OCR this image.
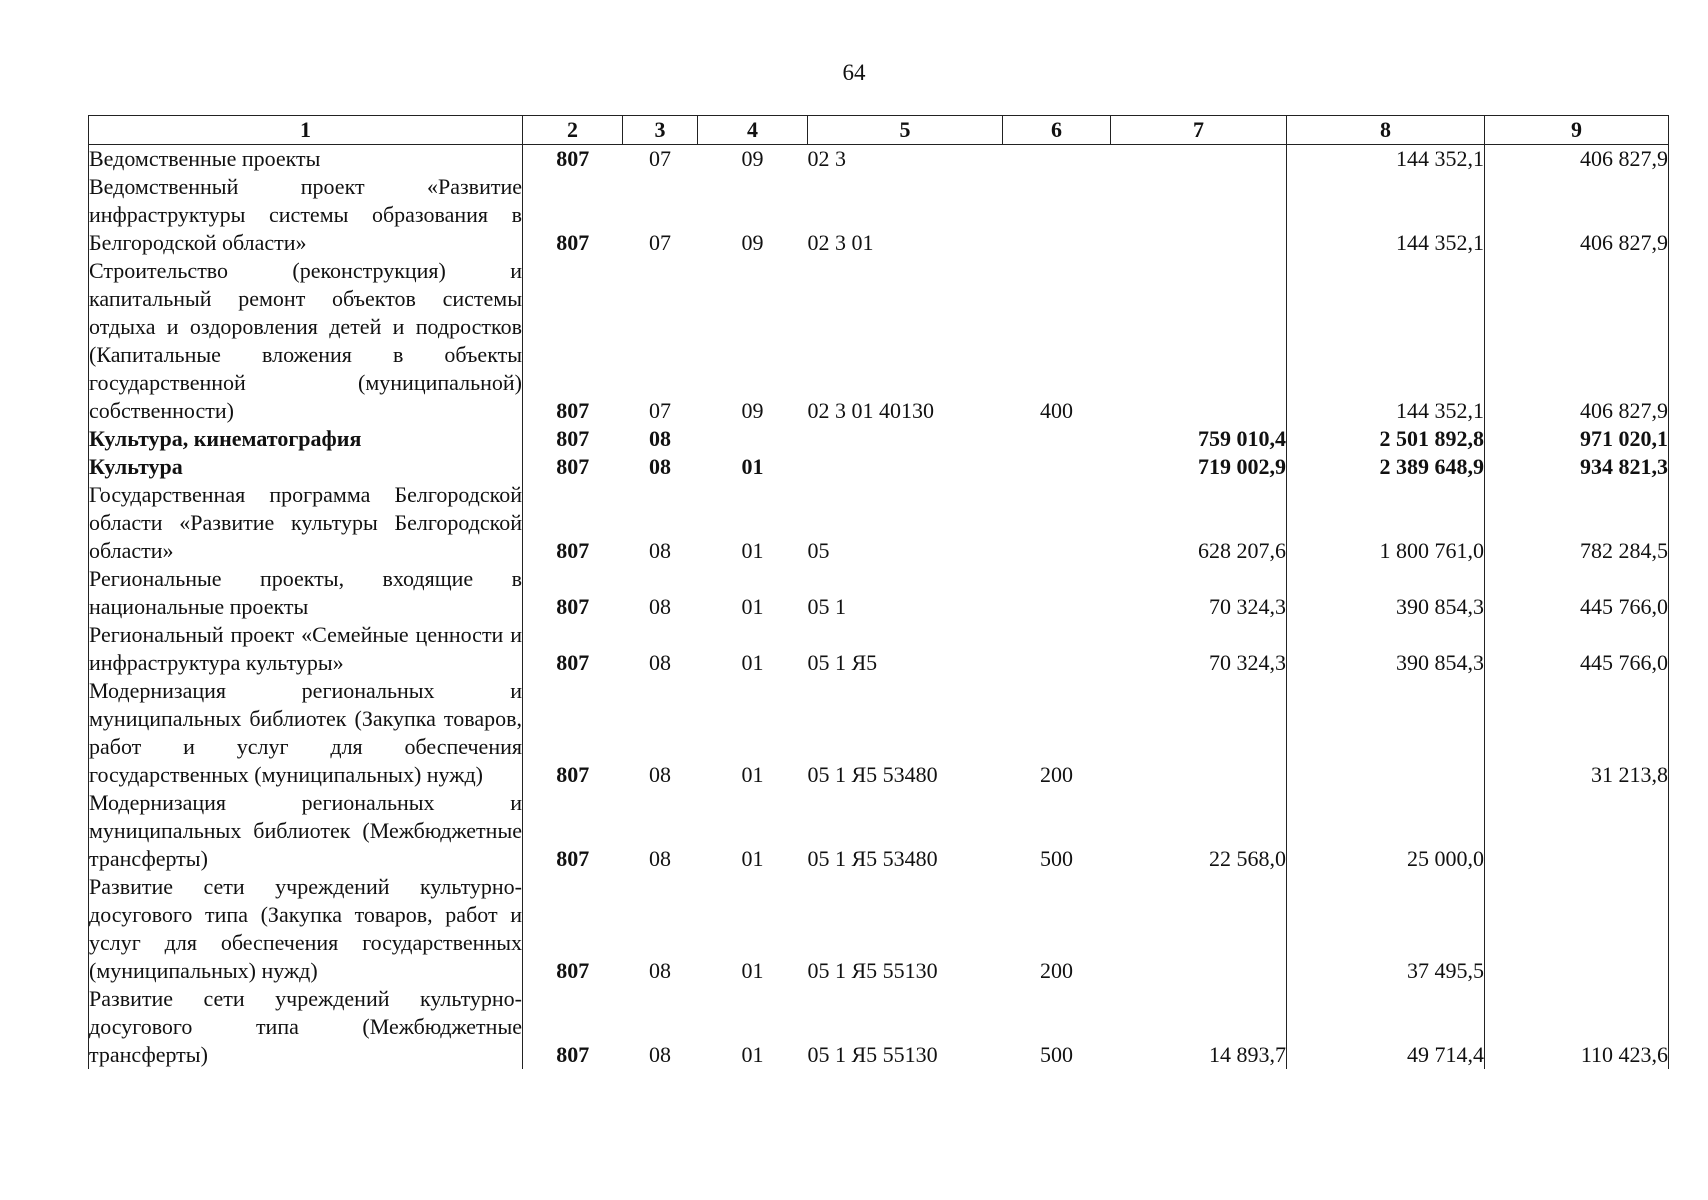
64
1	2	3	4	5	6	7	8	9
Ведомственные проекты	807	07	09	02 3			144 352,1	406 827,9
Ведомственный проект «Развитие инфраструктуры системы образования в Белгородской области»	807	07	09	02 3 01			144 352,1	406 827,9
Строительство (реконструкция) и капитальный ремонт объектов системы отдыха и оздоровления детей и подростков (Капитальные вложения в объекты государственной (муниципальной) собственности)	807	07	09	02 3 01 40130	400		144 352,1	406 827,9
Культура, кинематография	807	08				759 010,4	2 501 892,8	971 020,1
Культура	807	08	01			719 002,9	2 389 648,9	934 821,3
Государственная программа Белгородской области «Развитие культуры Белгородской области»	807	08	01	05		628 207,6	1 800 761,0	782 284,5
Региональные проекты, входящие в национальные проекты	807	08	01	05 1		70 324,3	390 854,3	445 766,0
Региональный проект «Семейные ценности и инфраструктура культуры»	807	08	01	05 1 Я5		70 324,3	390 854,3	445 766,0
Модернизация региональных и муниципальных библиотек (Закупка товаров, работ и услуг для обеспечения государственных (муниципальных) нужд)	807	08	01	05 1 Я5 53480	200			31 213,8
Модернизация региональных и муниципальных библиотек (Межбюджетные трансферты)	807	08	01	05 1 Я5 53480	500	22 568,0	25 000,0	
Развитие сети учреждений культурно-досугового типа (Закупка товаров, работ и услуг для обеспечения государственных (муниципальных) нужд)	807	08	01	05 1 Я5 55130	200		37 495,5	
Развитие сети учреждений культурно-досугового типа (Межбюджетные трансферты)	807	08	01	05 1 Я5 55130	500	14 893,7	49 714,4	110 423,6
